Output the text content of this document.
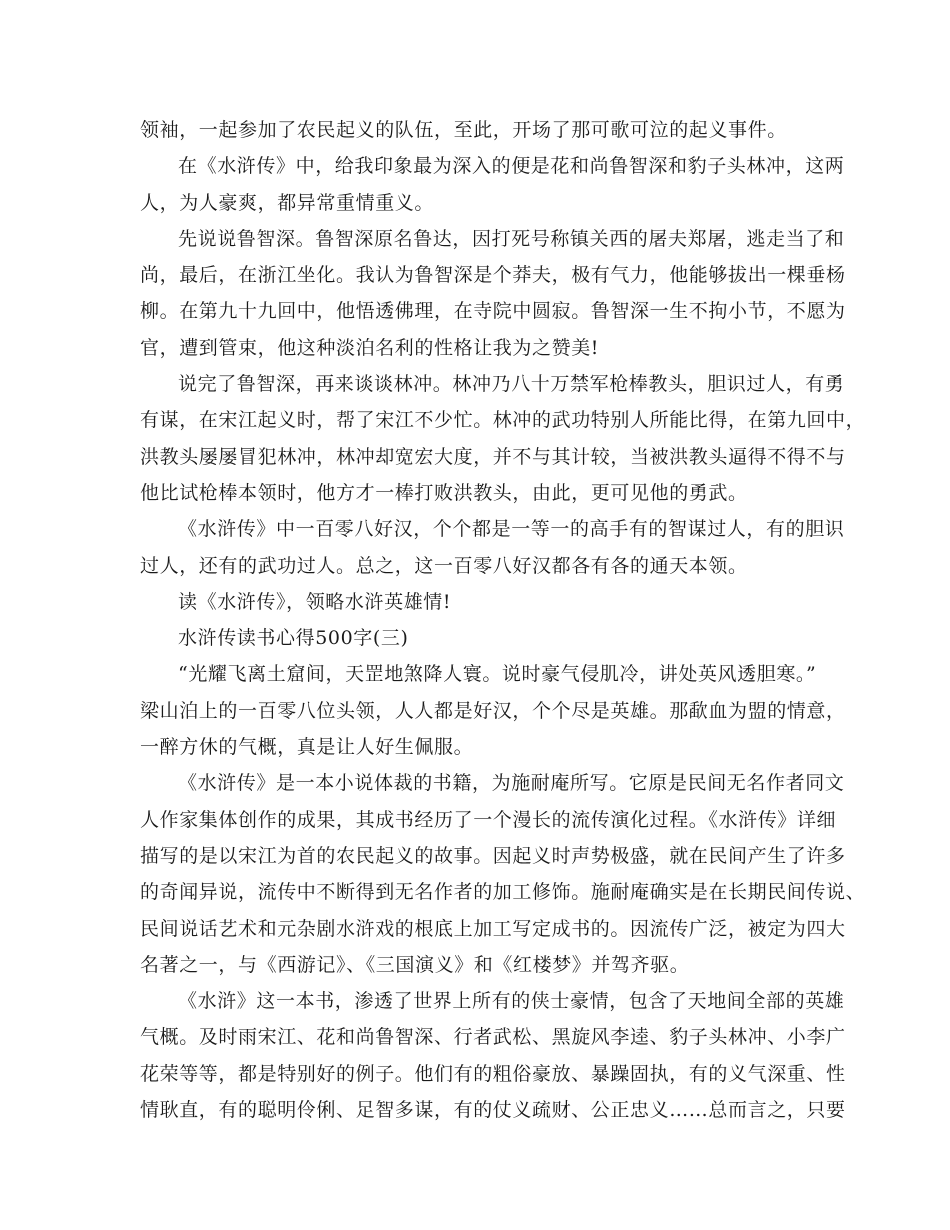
领袖，一起参加了农民起义的队伍，至此，开场了那可歌可泣的起义事件。
在《水浒传》中，给我印象最为深入的便是花和尚鲁智深和豹子头林冲，这两
人，为人豪爽，都异常重情重义。
先说说鲁智深。鲁智深原名鲁达，因打死号称镇关西的屠夫郑屠，逃走当了和
尚，最后，在浙江坐化。我认为鲁智深是个莽夫，极有气力，他能够拔出一棵垂杨
柳。在第九十九回中，他悟透佛理，在寺院中圆寂。鲁智深一生不拘小节，不愿为
官，遭到管束，他这种淡泊名利的性格让我为之赞美!
说完了鲁智深，再来谈谈林冲。林冲乃八十万禁军枪棒教头，胆识过人，有勇
有谋，在宋江起义时，帮了宋江不少忙。林冲的武功特别人所能比得，在第九回中，
洪教头屡屡冒犯林冲，林冲却宽宏大度，并不与其计较，当被洪教头逼得不得不与
他比试枪棒本领时，他方才一棒打败洪教头，由此，更可见他的勇武。
《水浒传》中一百零八好汉，个个都是一等一的高手有的智谋过人，有的胆识
过人，还有的武功过人。总之，这一百零八好汉都各有各的通天本领。
读《水浒传》，领略水浒英雄情!
水浒传读书心得500字(三)
“光耀飞离土窟间，天罡地煞降人寰。说时豪气侵肌冷，讲处英风透胆寒。”
梁山泊上的一百零八位头领，人人都是好汉，个个尽是英雄。那歃血为盟的情意，
一醉方休的气概，真是让人好生佩服。
《水浒传》是一本小说体裁的书籍，为施耐庵所写。它原是民间无名作者同文
人作家集体创作的成果，其成书经历了一个漫长的流传演化过程。《水浒传》详细
描写的是以宋江为首的农民起义的故事。因起义时声势极盛，就在民间产生了许多
的奇闻异说，流传中不断得到无名作者的加工修饰。施耐庵确实是在长期民间传说、
民间说话艺术和元杂剧水浒戏的根底上加工写定成书的。因流传广泛，被定为四大
名著之一，与《西游记》、《三国演义》和《红楼梦》并驾齐驱。
《水浒》这一本书，渗透了世界上所有的侠士豪情，包含了天地间全部的英雄
气概。及时雨宋江、花和尚鲁智深、行者武松、黑旋风李逵、豹子头林冲、小李广
花荣等等，都是特别好的例子。他们有的粗俗豪放、暴躁固执，有的义气深重、性
情耿直，有的聪明伶俐、足智多谋，有的仗义疏财、公正忠义……总而言之，只要
